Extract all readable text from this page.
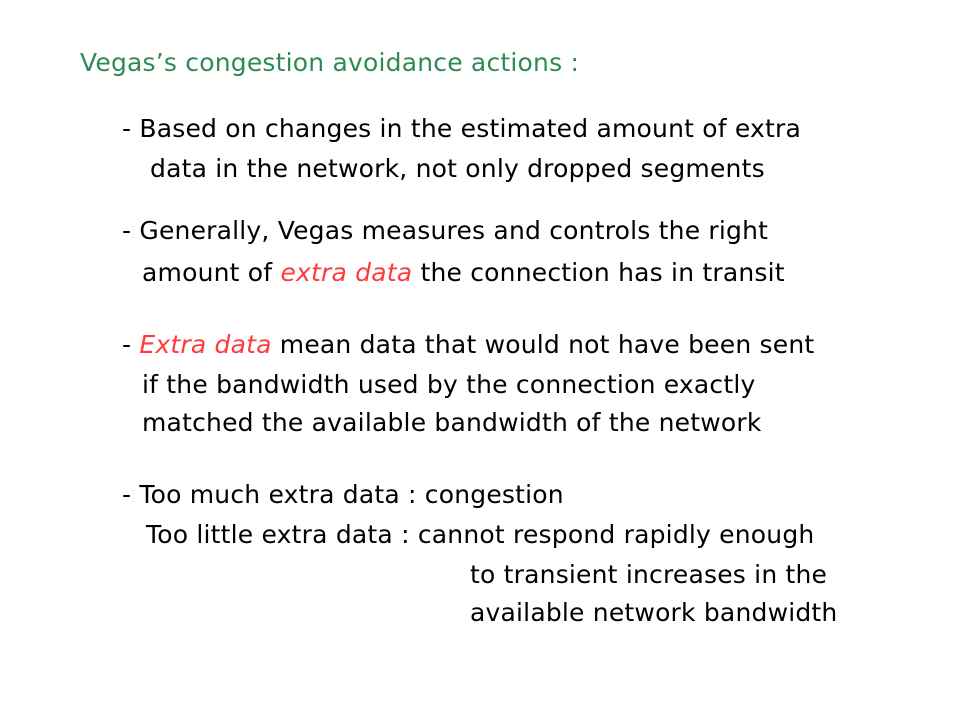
Vegas’s congestion avoidance actions :
- Based on changes in the estimated amount of extra
data in the network, not only dropped segments
- Generally, Vegas measures and controls the right
amount of extra data the connection has in transit
- Extra data mean data that would not have been sent
if the bandwidth used by the connection exactly
matched the available bandwidth of the network
- Too much extra data : congestion
Too little extra data : cannot respond rapidly enough
to transient increases in the
available network bandwidth
